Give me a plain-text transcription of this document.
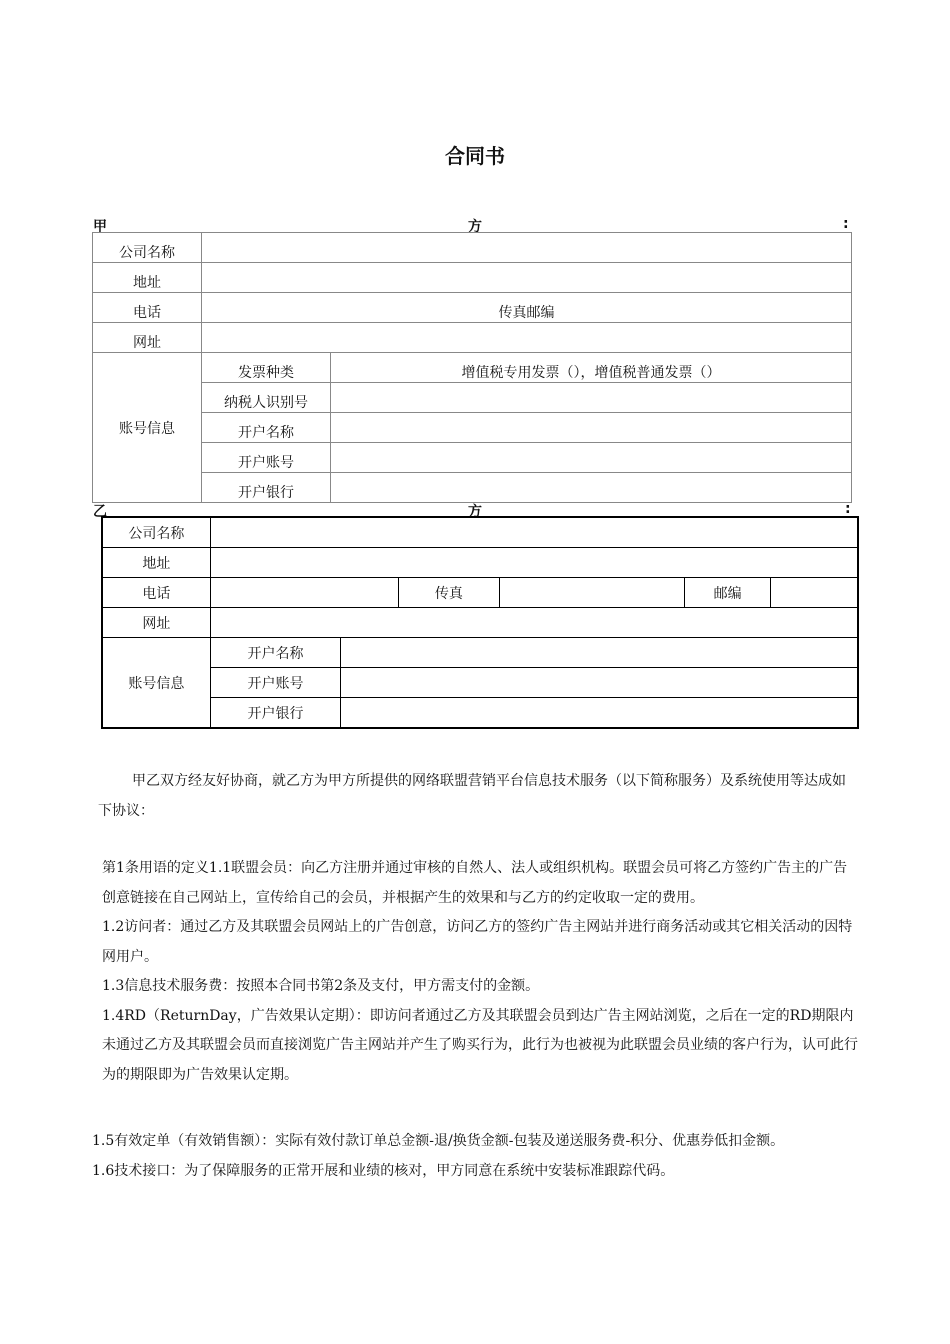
合同书
甲	方	:
公司名称		
地址		
电话	传真邮编	
网址		
账号信息	发票种类	增值税专用发票（），增值税普通发票（）
	纳税人识别号	
	开户名称	
	开户账号	
	开户银行	
乙	方	:
公司名称						
地址						
电话			传真		邮编	
网址						
账号信息	开户名称					
	开户账号					
	开户银行					

甲乙双方经友好协商，就乙方为甲方所提供的网络联盟营销平台信息技术服务（以下简称服务）及系统使用等达成如下协议：

第1条用语的定义1.1联盟会员：向乙方注册并通过审核的自然人、法人或组织机构。联盟会员可将乙方签约广告主的广告创意链接在自己网站上，宣传给自己的会员，并根据产生的效果和与乙方的约定收取一定的费用。

1.2访问者：通过乙方及其联盟会员网站上的广告创意，访问乙方的签约广告主网站并进行商务活动或其它相关活动的因特网用户。

1.3信息技术服务费：按照本合同书第2条及支付，甲方需支付的金额。

1.4RD（ReturnDay，广告效果认定期）：即访问者通过乙方及其联盟会员到达广告主网站浏览，之后在一定的RD期限内未通过乙方及其联盟会员而直接浏览广告主网站并产生了购买行为，此行为也被视为此联盟会员业绩的客户行为，认可此行为的期限即为广告效果认定期。

1.5有效定单（有效销售额）：实际有效付款订单总金额-退/换货金额-包装及递送服务费-积分、优惠券低扣金额。

1.6技术接口：为了保障服务的正常开展和业绩的核对，甲方同意在系统中安装标准跟踪代码。
